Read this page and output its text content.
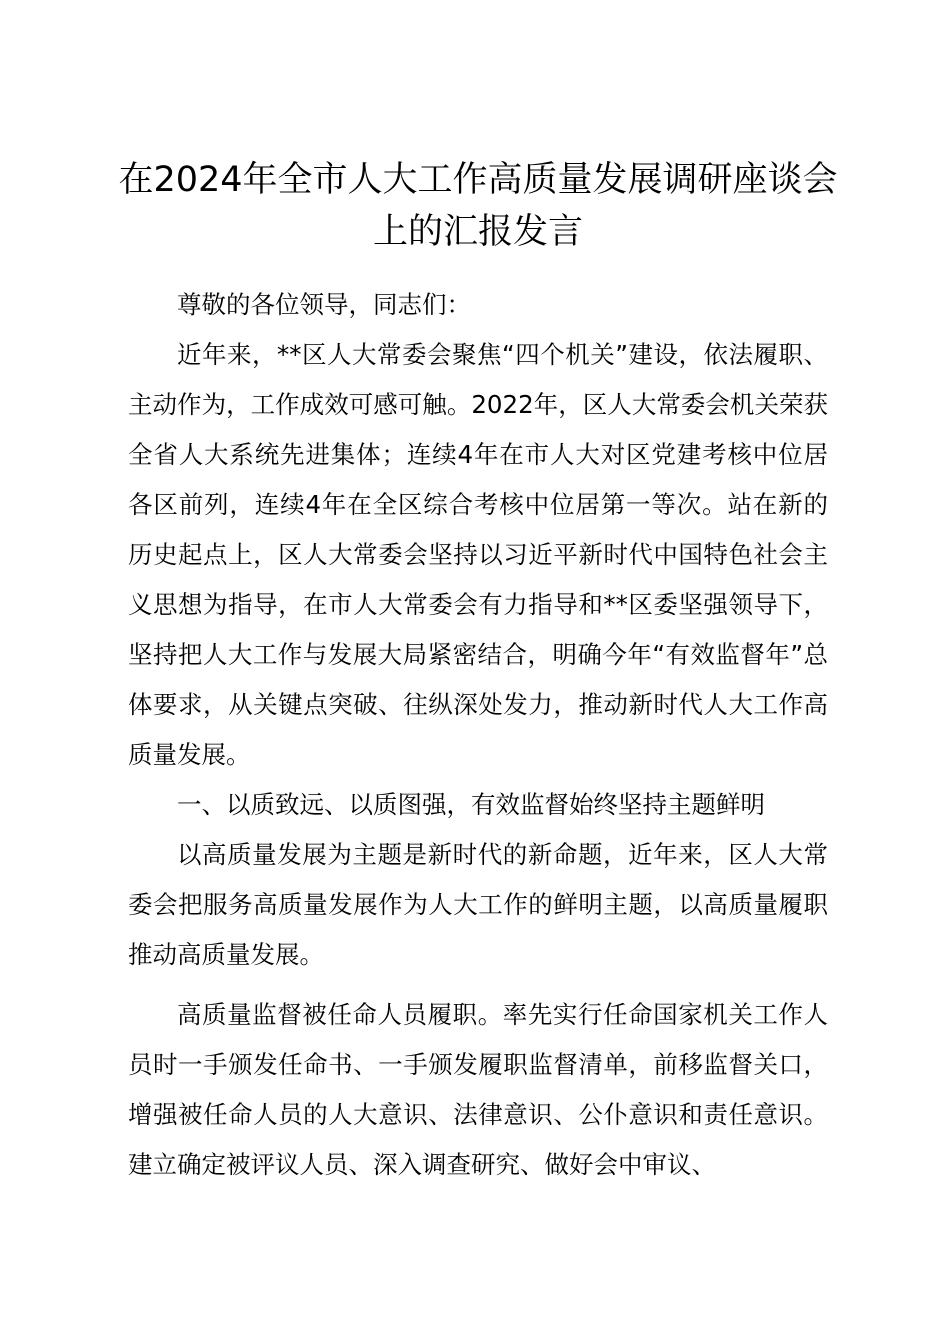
在2024年全市人大工作高质量发展调研座谈会上的汇报发言

尊敬的各位领导，同志们：

近年来，**区人大常委会聚焦“四个机关”建设，依法履职、主动作为，工作成效可感可触。2022年，区人大常委会机关荣获全省人大系统先进集体；连续4年在市人大对区党建考核中位居各区前列，连续4年在全区综合考核中位居第一等次。站在新的历史起点上，区人大常委会坚持以习近平新时代中国特色社会主义思想为指导，在市人大常委会有力指导和**区委坚强领导下，坚持把人大工作与发展大局紧密结合，明确今年“有效监督年”总体要求，从关键点突破、往纵深处发力，推动新时代人大工作高质量发展。

一、以质致远、以质图强，有效监督始终坚持主题鲜明

以高质量发展为主题是新时代的新命题，近年来，区人大常委会把服务高质量发展作为人大工作的鲜明主题，以高质量履职推动高质量发展。

高质量监督被任命人员履职。率先实行任命国家机关工作人员时一手颁发任命书、一手颁发履职监督清单，前移监督关口，增强被任命人员的人大意识、法律意识、公仆意识和责任意识。建立确定被评议人员、深入调查研究、做好会中审议、
